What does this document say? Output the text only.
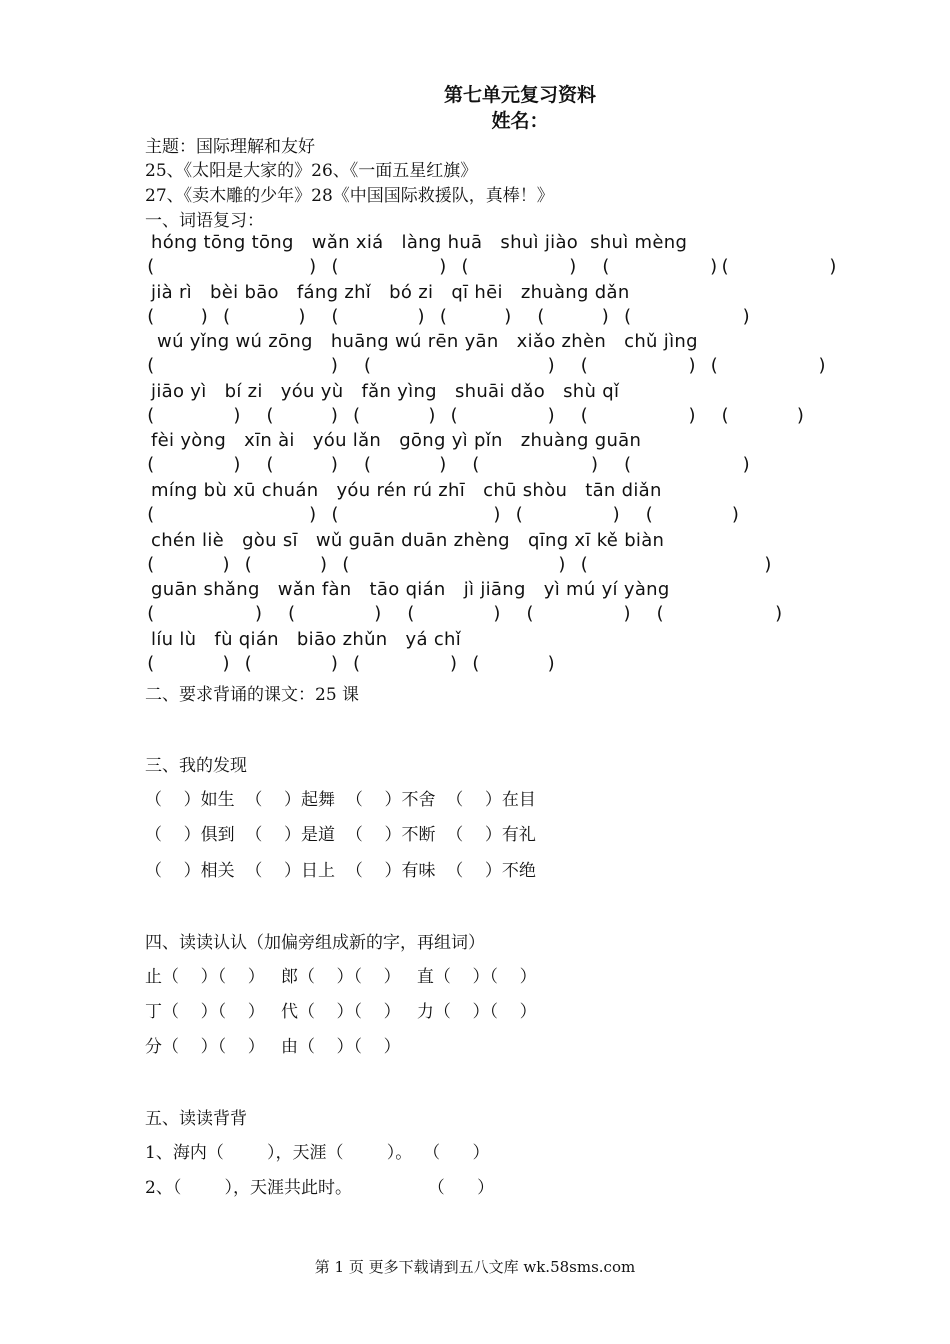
第七单元复习资料
姓名：
主题：国际理解和友好
25、《太阳是大家的》26、《一面五星红旗》
27、《卖木雕的少年》28《中国国际救援队，真棒！》
一、词语复习：
hóng tōng tōng   wǎn xiá   làng huā   shuì jiào  shuì mèng
(              ) (         ) (         )  (         )(         )
jià rì   bèi bāo   fáng zhǐ   bó zi   qī hēi   zhuàng dǎn
(    ) (      )  (       ) (     )  (     ) (          )
wú yǐng wú zōng   huāng wú rēn yān   xiǎo zhèn   chǔ jìng
(                )  (                )  (         ) (         )
jiāo yì   bí zi   yóu yù   fǎn yìng   shuāi dǎo   shù qǐ
(       )  (     ) (      ) (        )  (         )  (      )
fèi yòng   xīn ài   yóu lǎn   gōng yì pǐn   zhuàng guān
(       )  (     )  (      )  (          )  (          )
míng bù xū chuán   yóu rén rú zhī   chū shòu   tān diǎn
(              ) (              ) (        )  (       )
chén liè   gòu sī   wǔ guān duān zhèng   qīng xī kě biàn
(      ) (      ) (                   ) (                )
guān shǎng   wǎn fàn   tāo qián   jì jiāng   yì mú yí yàng
(         )  (       )  (       )  (        )  (          )
líu lù   fù qián   biāo zhǔn   yá chǐ
(      ) (       ) (        ) (      )
二、要求背诵的课文：25 课
三、我的发现
（    ）如生  （    ）起舞  （    ）不舍  （    ）在目
（    ）俱到  （    ）是道  （    ）不断  （    ）有礼
（    ）相关  （    ）日上  （    ）有味  （    ）不绝
四、读读认认（加偏旁组成新的字，再组词）
止（    ）（    ）   郎（    ）（    ）   直（    ）（    ）
丁（    ）（    ）   代（    ）（    ）   力（    ）（    ）
分（    ）（    ）   由（    ）（    ）
五、读读背背
1、海内（        ），天涯（        ）。  （      ）
2、（        ），天涯共此时。              （      ）
第 1 页 更多下载请到五八文库 wk.58sms.com
